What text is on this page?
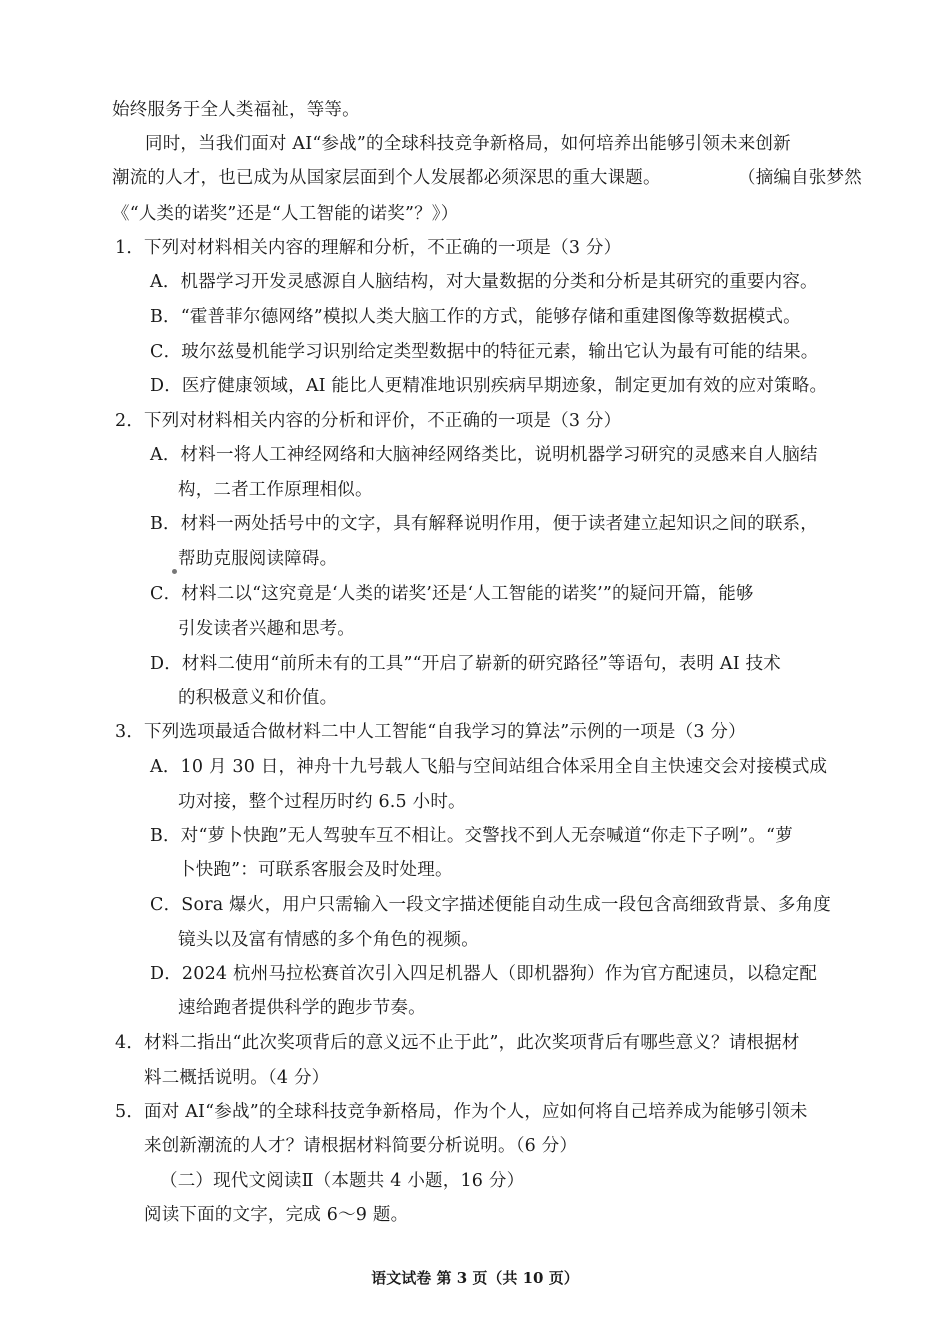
始终服务于全人类福祉，等等。
同时，当我们面对 AI“参战”的全球科技竞争新格局，如何培养出能够引领未来创新
潮流的人才，也已成为从国家层面到个人发展都必须深思的重大课题。	（摘编自张梦然
《“人类的诺奖”还是“人工智能的诺奖”？》）
1．下列对材料相关内容的理解和分析，不正确的一项是（3 分）
A．机器学习开发灵感源自人脑结构，对大量数据的分类和分析是其研究的重要内容。
B．“霍普菲尔德网络”模拟人类大脑工作的方式，能够存储和重建图像等数据模式。
C．玻尔兹曼机能学习识别给定类型数据中的特征元素，输出它认为最有可能的结果。
D．医疗健康领域，AI 能比人更精准地识别疾病早期迹象，制定更加有效的应对策略。
2．下列对材料相关内容的分析和评价，不正确的一项是（3 分）
A．材料一将人工神经网络和大脑神经网络类比，说明机器学习研究的灵感来自人脑结
构，二者工作原理相似。
B．材料一两处括号中的文字，具有解释说明作用，便于读者建立起知识之间的联系，
帮助克服阅读障碍。
C．材料二以“这究竟是‘人类的诺奖’还是‘人工智能的诺奖’”的疑问开篇，能够
引发读者兴趣和思考。
D．材料二使用“前所未有的工具”“开启了崭新的研究路径”等语句，表明 AI 技术
的积极意义和价值。
3．下列选项最适合做材料二中人工智能“自我学习的算法”示例的一项是（3 分）
A．10 月 30 日，神舟十九号载人飞船与空间站组合体采用全自主快速交会对接模式成
功对接，整个过程历时约 6.5 小时。
B．对“萝卜快跑”无人驾驶车互不相让。交警找不到人无奈喊道“你走下子咧”。“萝
卜快跑”：可联系客服会及时处理。
C．Sora 爆火，用户只需输入一段文字描述便能自动生成一段包含高细致背景、多角度
镜头以及富有情感的多个角色的视频。
D．2024 杭州马拉松赛首次引入四足机器人（即机器狗）作为官方配速员，以稳定配
速给跑者提供科学的跑步节奏。
4．材料二指出“此次奖项背后的意义远不止于此”，此次奖项背后有哪些意义？请根据材
料二概括说明。（4 分）
5．面对 AI“参战”的全球科技竞争新格局，作为个人，应如何将自己培养成为能够引领未
来创新潮流的人才？请根据材料简要分析说明。（6 分）
（二）现代文阅读Ⅱ（本题共 4 小题，16 分）
阅读下面的文字，完成 6～9 题。
语文试卷 第 3 页（共 10 页）
